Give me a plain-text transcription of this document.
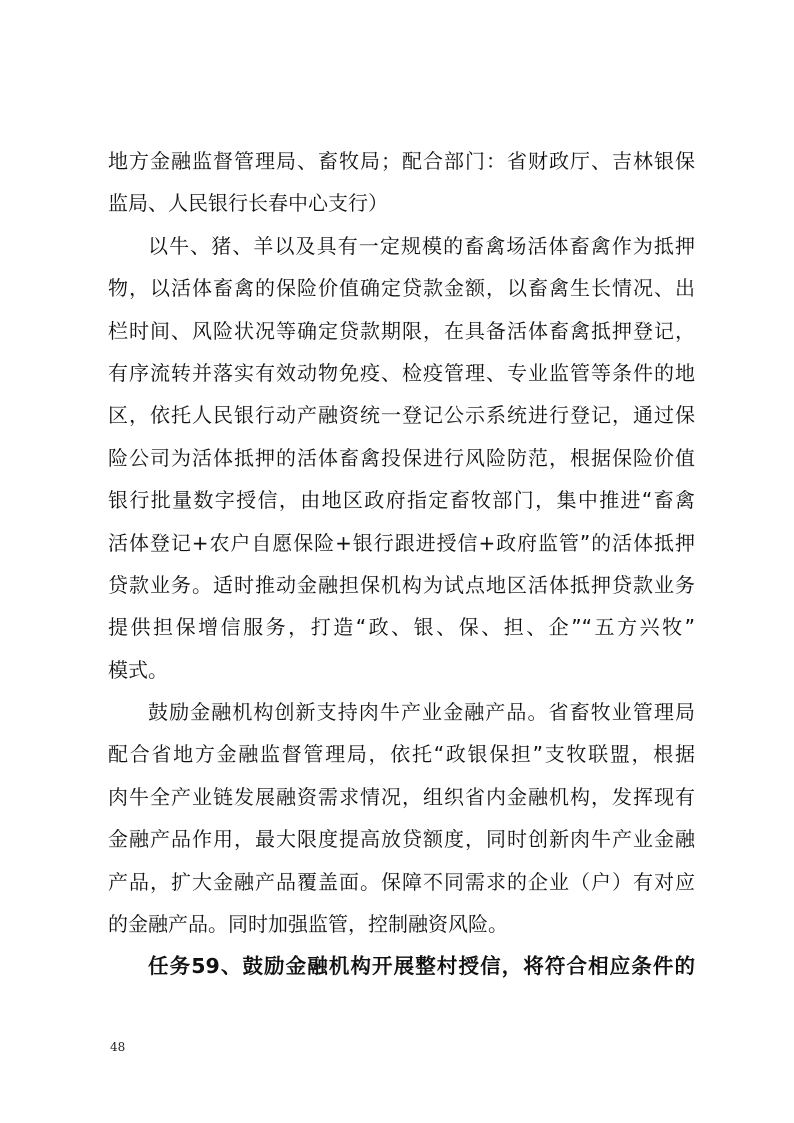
地方金融监督管理局、畜牧局；配合部门：省财政厅、吉林银保
监局、人民银行长春中心支行）
以牛、猪、羊以及具有一定规模的畜禽场活体畜禽作为抵押
物，以活体畜禽的保险价值确定贷款金额，以畜禽生长情况、出
栏时间、风险状况等确定贷款期限，在具备活体畜禽抵押登记，
有序流转并落实有效动物免疫、检疫管理、专业监管等条件的地
区，依托人民银行动产融资统一登记公示系统进行登记，通过保
险公司为活体抵押的活体畜禽投保进行风险防范，根据保险价值
银行批量数字授信，由地区政府指定畜牧部门，集中推进“畜禽
活体登记+农户自愿保险+银行跟进授信+政府监管”的活体抵押
贷款业务。适时推动金融担保机构为试点地区活体抵押贷款业务
提供担保增信服务，打造“政、银、保、担、企”“五方兴牧”
模式。
鼓励金融机构创新支持肉牛产业金融产品。省畜牧业管理局
配合省地方金融监督管理局，依托“政银保担”支牧联盟，根据
肉牛全产业链发展融资需求情况，组织省内金融机构，发挥现有
金融产品作用，最大限度提高放贷额度，同时创新肉牛产业金融
产品，扩大金融产品覆盖面。保障不同需求的企业（户）有对应
的金融产品。同时加强监管，控制融资风险。
任务59、鼓励金融机构开展整村授信，将符合相应条件的
48
